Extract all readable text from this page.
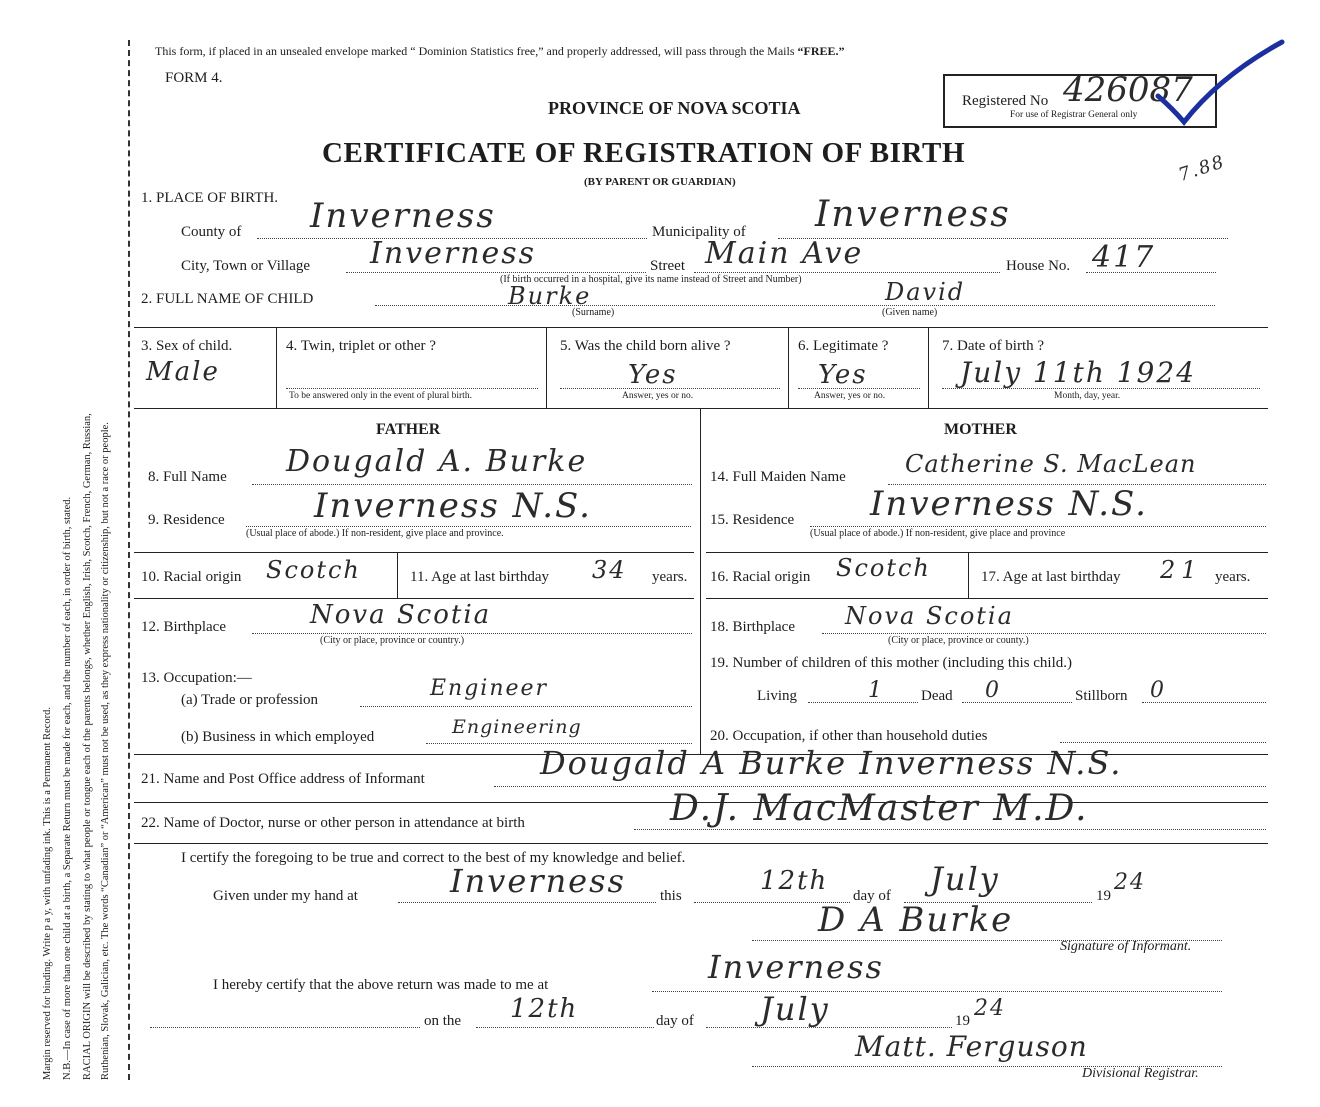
Margin reserved for binding. Write p a y, with unfading ink. This is a Permanent Record. N.B.—In case of more than one child at a birth, a Separate Return must be made for each, and the number of each, in order of birth, stated. RACIAL ORIGIN will be described by stating to what people or tongue each of the parents belongs, whether English, Irish, Scotch, French, German, Russian, Ruthenian, Slovak, Galician, etc. The words “Canadian” or “American” must not be used, as they express nationality or citizenship, but not a race or people.
This form, if placed in an unsealed envelope marked “ Dominion Statistics free,” and properly addressed, will pass through the Mails “FREE.”
FORM 4.
PROVINCE OF NOVA SCOTIA
CERTIFICATE OF REGISTRATION OF BIRTH
(BY PARENT OR GUARDIAN)
Registered No 426087
For use of Registrar General only
7.88
1. PLACE OF BIRTH.
County of Inverness	Municipality of Inverness
City, Town or Village Inverness	Street Main Ave	House No. 417
(If birth occurred in a hospital, give its name instead of Street and Number)
2. FULL NAME OF CHILD	Burke
(Surname)
David
(Given name)
3. Sex of child.
Male
4. Twin, triplet or other ?
To be answered only in the event of plural birth.
5. Was the child born alive ?
Yes
Answer, yes or no.
6. Legitimate ?
Yes
Answer, yes or no.
7. Date of birth ?
July 11th 1924
Month, day, year.
FATHER	MOTHER
8. Full Name Dougald A. Burke	14. Full Maiden Name Catherine S. MacLean
9. Residence	Inverness N.S.
(Usual place of abode.) If non-resident, give place and province.
15. Residence Inverness N.S.
(Usual place of abode.) If non-resident, give place and province
10. Racial origin Scotch	11. Age at last birthday 34 years. 16. Racial origin Scotch	17. Age at last birthday 21 years.
12. Birthplace	Nova Scotia
(City or place, province or country.)
18. Birthplace Nova Scotia
(City or place, province or county.)
13. Occupation:—
(a) Trade or profession	Engineer
(b) Business in which employed	Engineering
19. Number of children of this mother (including this child.)
Living	1 Dead 0	Stillborn 0
20. Occupation, if other than household duties
21. Name and Post Office address of Informant	Dougald A Burke Inverness N.S.
22. Name of Doctor, nurse or other person in attendance at birth	D.J. MacMaster M.D.
I certify the foregoing to be true and correct to the best of my knowledge and belief.
Given under my hand at	Inverness this	12th day of July	19
24
D A Burke
Signature of Informant.
I hereby certify that the above return was made to me at	Inverness
on the 12th	day of July	19 24
Matt. Ferguson
Divisional Registrar.
